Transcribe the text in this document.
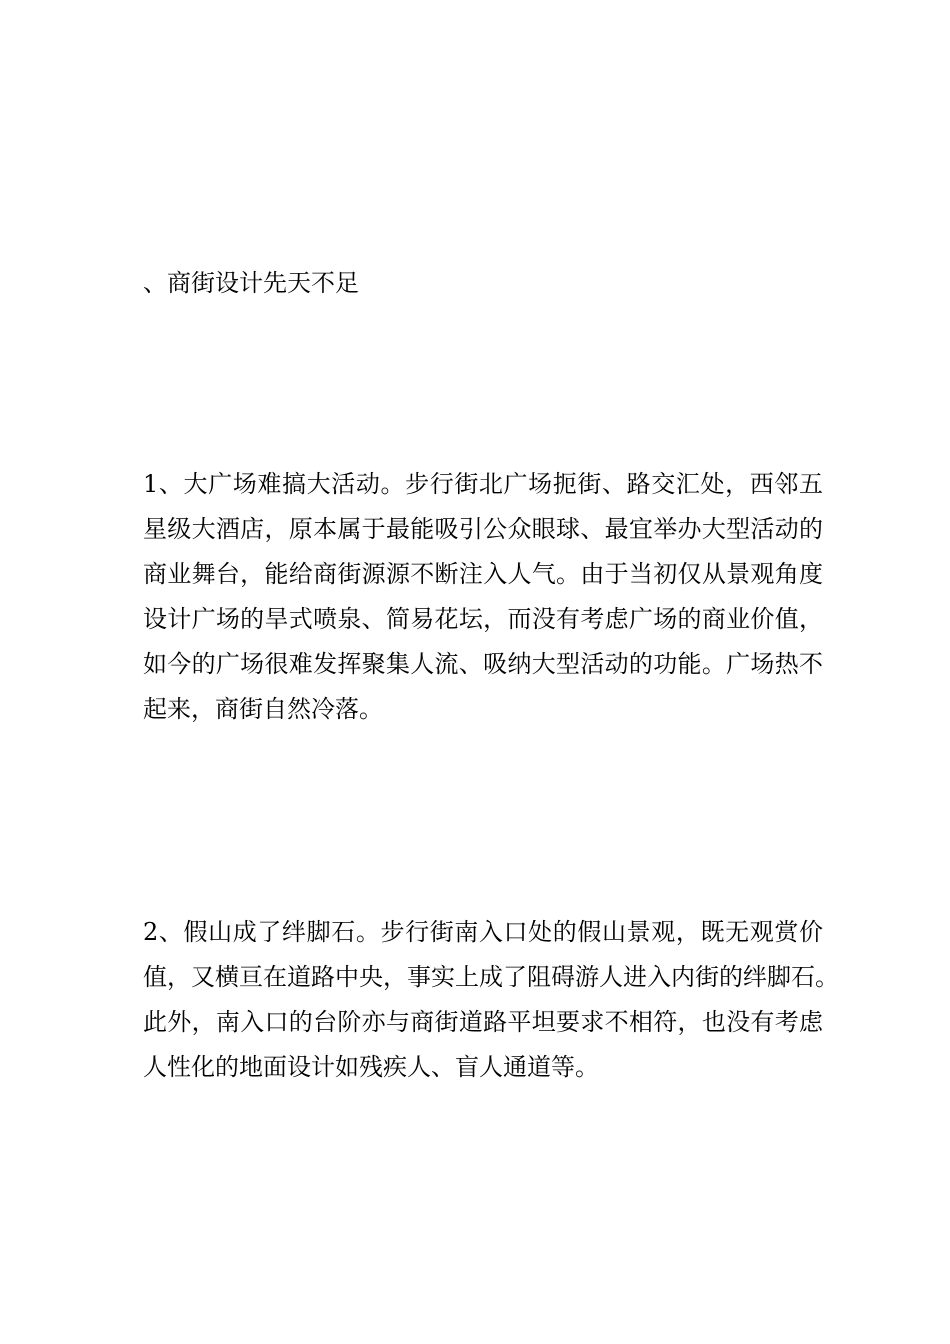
、商街设计先天不足

1、大广场难搞大活动。步行街北广场扼街、路交汇处，西邻五
星级大酒店，原本属于最能吸引公众眼球、最宜举办大型活动的
商业舞台，能给商街源源不断注入人气。由于当初仅从景观角度
设计广场的旱式喷泉、简易花坛，而没有考虑广场的商业价值，
如今的广场很难发挥聚集人流、吸纳大型活动的功能。广场热不
起来，商街自然冷落。

2、假山成了绊脚石。步行街南入口处的假山景观，既无观赏价
值，又横亘在道路中央，事实上成了阻碍游人进入内街的绊脚石。
此外，南入口的台阶亦与商街道路平坦要求不相符，也没有考虑
人性化的地面设计如残疾人、盲人通道等。
